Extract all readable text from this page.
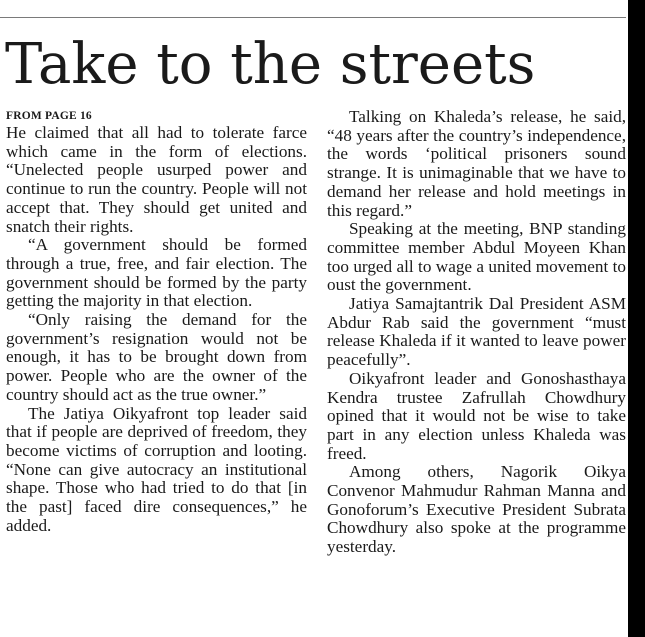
Take to the streets
FROM PAGE 16

He claimed that all had to tolerate farce which came in the form of elections. “Unelected people usurped power and continue to run the country. People will not accept that. They should get united and snatch their rights.

“A government should be formed through a true, free, and fair election. The government should be formed by the party getting the majority in that election.

“Only raising the demand for the government’s resignation would not be enough, it has to be brought down from power. People who are the owner of the country should act as the true owner.”

The Jatiya Oikyafront top leader said that if people are deprived of freedom, they become victims of corruption and looting. “None can give autocracy an institutional shape. Those who had tried to do that [in the past] faced dire consequences,” he added.

Talking on Khaleda’s release, he said, “48 years after the country’s independence, the words ‘political prisoners sound strange. It is unimaginable that we have to demand her release and hold meetings in this regard.”

Speaking at the meeting, BNP standing committee member Abdul Moyeen Khan too urged all to wage a united movement to oust the government.

Jatiya Samajtantrik Dal President ASM Abdur Rab said the government “must release Khaleda if it wanted to leave power peacefully”.

Oikyafront leader and Gonoshasthaya Kendra trustee Zafrullah Chowdhury opined that it would not be wise to take part in any election unless Khaleda was freed.

Among others, Nagorik Oikya Convenor Mahmudur Rahman Manna and Gonoforum’s Executive President Subrata Chowdhury also spoke at the programme yesterday.
